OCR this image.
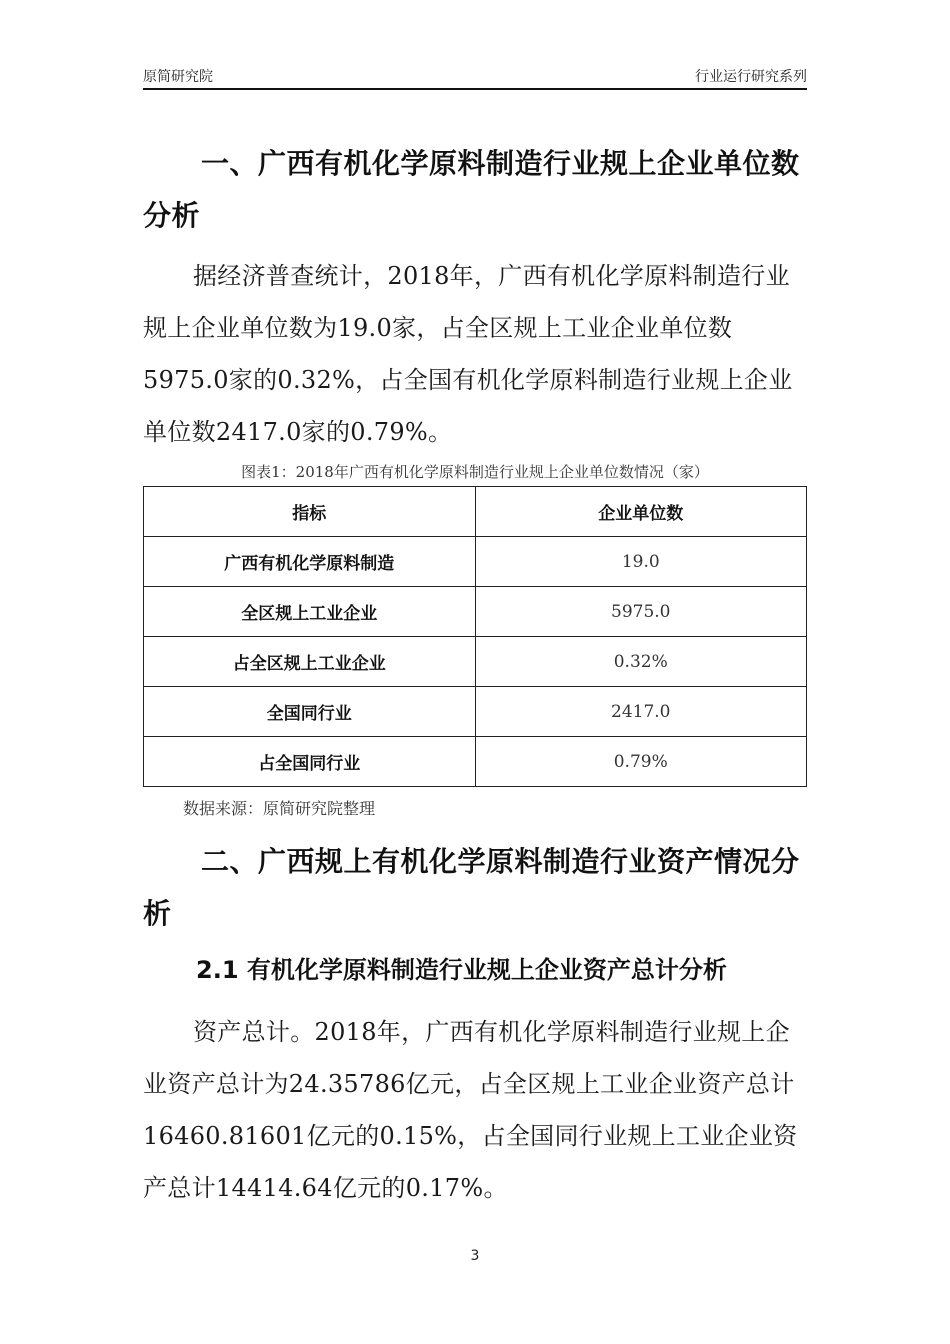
原简研究院	行业运行研究系列
一、广西有机化学原料制造行业规上企业单位数分析
据经济普查统计，2018年，广西有机化学原料制造行业规上企业单位数为19.0家，占全区规上工业企业单位数5975.0家的0.32%，占全国有机化学原料制造行业规上企业单位数2417.0家的0.79%。
图表1：2018年广西有机化学原料制造行业规上企业单位数情况（家）
指标	企业单位数
广西有机化学原料制造	19.0
全区规上工业企业	5975.0
占全区规上工业企业	0.32%
全国同行业	2417.0
占全国同行业	0.79%
数据来源：原简研究院整理
二、广西规上有机化学原料制造行业资产情况分析
2.1 有机化学原料制造行业规上企业资产总计分析
资产总计。2018年，广西有机化学原料制造行业规上企业资产总计为24.35786亿元，占全区规上工业企业资产总计16460.81601亿元的0.15%，占全国同行业规上工业企业资产总计14414.64亿元的0.17%。
3
